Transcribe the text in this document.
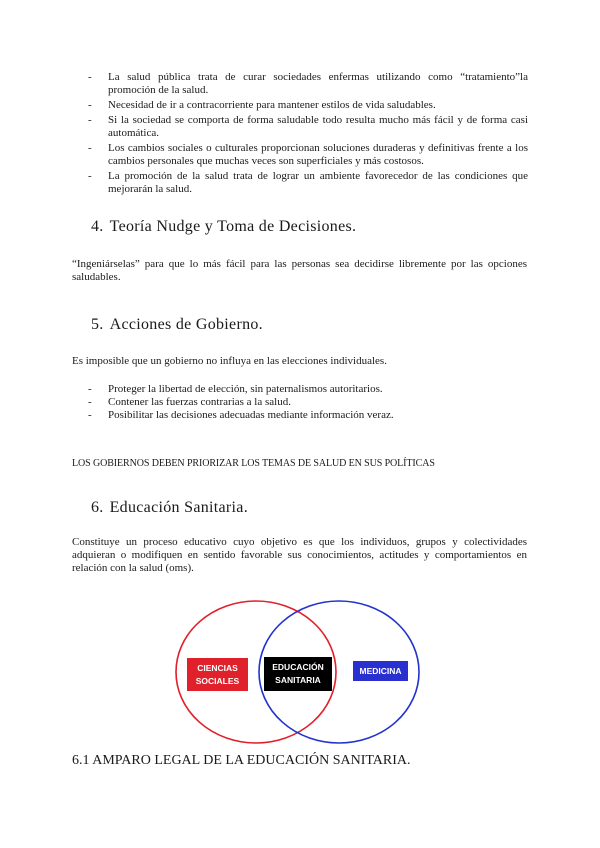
- La salud pública trata de curar sociedades enfermas utilizando como “tratamiento”la promoción de la salud.
- Necesidad de ir a contracorriente para mantener estilos de vida saludables.
- Si la sociedad se comporta de forma saludable todo resulta mucho más fácil y de forma casi automática.
- Los cambios sociales o culturales proporcionan soluciones duraderas y definitivas frente a los cambios personales que muchas veces son superficiales y más costosos.
- La promoción de la salud trata de lograr un ambiente favorecedor de las condiciones que mejorarán la salud.
4. Teoría Nudge y Toma de Decisiones.

“Ingeniárselas” para que lo más fácil para las personas sea decidirse libremente por las opciones saludables.

5. Acciones de Gobierno.

Es imposible que un gobierno no influya en las elecciones individuales.

- Proteger la libertad de elección, sin paternalismos autoritarios.
- Contener las fuerzas contrarias a la salud.
- Posibilitar las decisiones adecuadas mediante información veraz.

LOS GOBIERNOS DEBEN PRIORIZAR LOS TEMAS DE SALUD EN SUS POLÍTICAS

6. Educación Sanitaria.

Constituye un proceso educativo cuyo objetivo es que los individuos, grupos y colectividades adquieran o modifiquen en sentido favorable sus conocimientos, actitudes y comportamientos en relación con la salud (oms).

CIENCIAS
SOCIALES
EDUCACIÓN
SANITARIA
MEDICINA
6.1 AMPARO LEGAL DE LA EDUCACIÓN SANITARIA.
